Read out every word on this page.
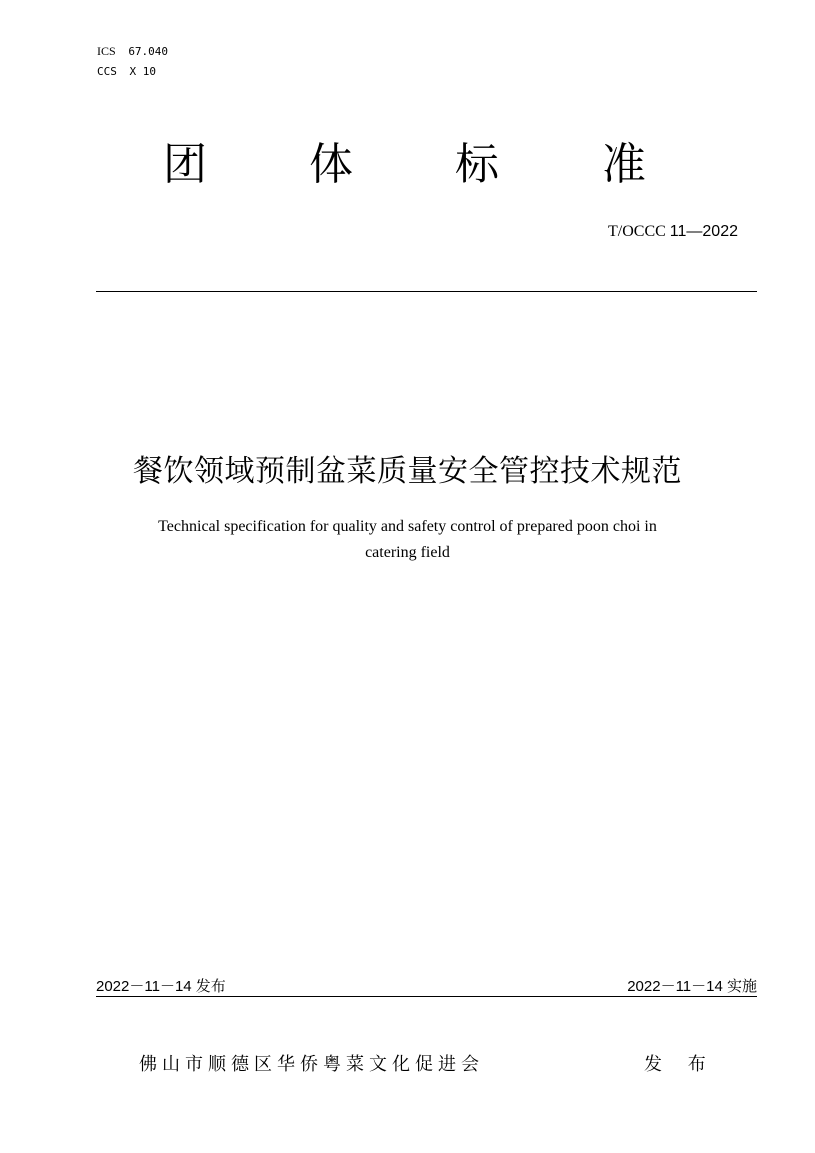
ICS 67.040
CCS X 10
团 体 标 准
T/OCCC 11—2022
餐饮领域预制盆菜质量安全管控技术规范
Technical specification for quality and safety control of prepared poon choi in
catering field
2022－11－14 发布	2022－11－14 实施
佛山市顺德区华侨粤菜文化促进会	发 布
